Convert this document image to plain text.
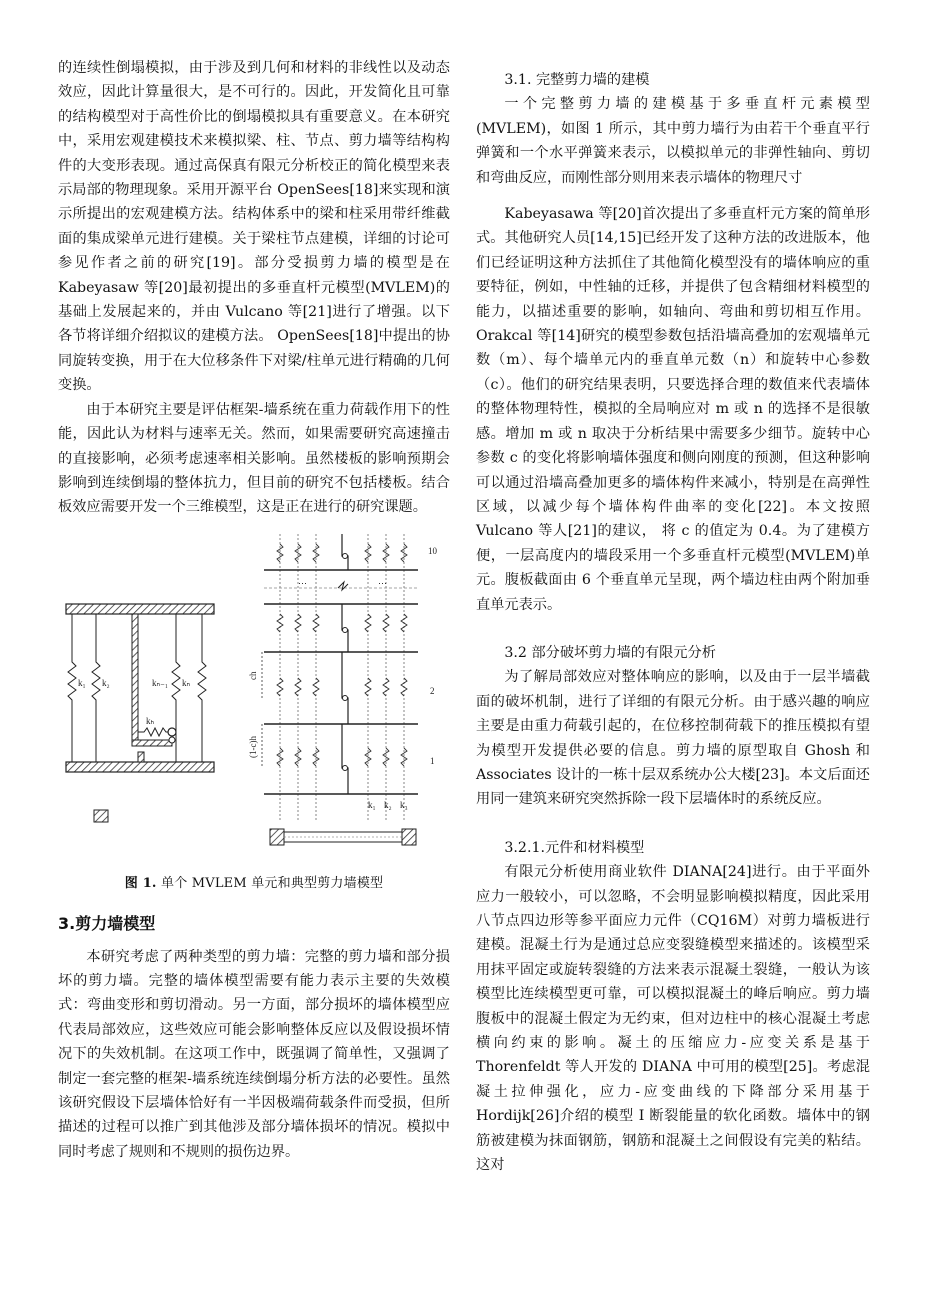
的连续性倒塌模拟，由于涉及到几何和材料的非线性以及动态效应，因此计算量很大，是不可行的。因此，开发简化且可靠的结构模型对于高性价比的倒塌模拟具有重要意义。在本研究中，采用宏观建模技术来模拟梁、柱、节点、剪力墙等结构构件的大变形表现。通过高保真有限元分析校正的简化模型来表示局部的物理现象。采用开源平台 OpenSees[18]来实现和演示所提出的宏观建模方法。结构体系中的梁和柱采用带纤维截面的集成梁单元进行建模。关于梁柱节点建模，详细的讨论可参见作者之前的研究[19]。部分受损剪力墙的模型是在 Kabeyasaw 等[20]最初提出的多垂直杆元模型(MVLEM)的基础上发展起来的，并由 Vulcano 等[21]进行了增强。以下各节将详细介绍拟议的建模方法。 OpenSees[18]中提出的协同旋转变换，用于在大位移条件下对梁/柱单元进行精确的几何变换。

由于本研究主要是评估框架-墙系统在重力荷载作用下的性能，因此认为材料与速率无关。然而，如果需要研究高速撞击的直接影响，必须考虑速率相关影响。虽然楼板的影响预期会影响到连续倒塌的整体抗力，但目前的研究不包括楼板。结合板效应需要开发一个三维模型，这是正在进行的研究课题。

k₁ k₂	kₙ₋₁ kₙ
kₕ
ch
(1-c)h
⋯	⋯
10
2
1
k₁ k₂ k₃
图 1. 单个 MVLEM 单元和典型剪力墙模型
3.剪力墙模型

本研究考虑了两种类型的剪力墙：完整的剪力墙和部分损坏的剪力墙。完整的墙体模型需要有能力表示主要的失效模式：弯曲变形和剪切滑动。另一方面，部分损坏的墙体模型应代表局部效应，这些效应可能会影响整体反应以及假设损坏情况下的失效机制。在这项工作中，既强调了简单性，又强调了制定一套完整的框架-墙系统连续倒塌分析方法的必要性。虽然该研究假设下层墙体恰好有一半因极端荷载条件而受损，但所描述的过程可以推广到其他涉及部分墙体损坏的情况。模拟中同时考虑了规则和不规则的损伤边界。

3.1. 完整剪力墙的建模

一个完整剪力墙的建模基于多垂直杆元素模型(MVLEM)，如图 1 所示，其中剪力墙行为由若干个垂直平行弹簧和一个水平弹簧来表示，以模拟单元的非弹性轴向、剪切和弯曲反应，而刚性部分则用来表示墙体的物理尺寸

Kabeyasawa 等[20]首次提出了多垂直杆元方案的简单形式。其他研究人员[14,15]已经开发了这种方法的改进版本，他们已经证明这种方法抓住了其他简化模型没有的墙体响应的重要特征，例如，中性轴的迁移，并提供了包含精细材料模型的能力，以描述重要的影响，如轴向、弯曲和剪切相互作用。Orakcal 等[14]研究的模型参数包括沿墙高叠加的宏观墙单元数（m）、每个墙单元内的垂直单元数（n）和旋转中心参数（c）。他们的研究结果表明，只要选择合理的数值来代表墙体的整体物理特性，模拟的全局响应对 m 或 n 的选择不是很敏感。增加 m 或 n 取决于分析结果中需要多少细节。旋转中心参数 c 的变化将影响墙体强度和侧向刚度的预测，但这种影响可以通过沿墙高叠加更多的墙体构件来减小，特别是在高弹性区域，以减少每个墙体构件曲率的变化[22]。本文按照 Vulcano 等人[21]的建议， 将 c 的值定为 0.4。为了建模方便，一层高度内的墙段采用一个多垂直杆元模型(MVLEM)单元。腹板截面由 6 个垂直单元呈现，两个墙边柱由两个附加垂直单元表示。

3.2 部分破坏剪力墙的有限元分析

为了解局部效应对整体响应的影响，以及由于一层半墙截面的破坏机制，进行了详细的有限元分析。由于感兴趣的响应主要是由重力荷载引起的，在位移控制荷载下的推压模拟有望为模型开发提供必要的信息。剪力墙的原型取自 Ghosh 和 Associates 设计的一栋十层双系统办公大楼[23]。本文后面还用同一建筑来研究突然拆除一段下层墙体时的系统反应。

3.2.1.元件和材料模型

有限元分析使用商业软件 DIANA[24]进行。由于平面外应力一般较小，可以忽略，不会明显影响模拟精度，因此采用八节点四边形等参平面应力元件（CQ16M）对剪力墙板进行建模。混凝土行为是通过总应变裂缝模型来描述的。该模型采用抹平固定或旋转裂缝的方法来表示混凝土裂缝，一般认为该模型比连续模型更可靠，可以模拟混凝土的峰后响应。剪力墙腹板中的混凝土假定为无约束，但对边柱中的核心混凝土考虑横向约束的影响。凝土的压缩应力-应变关系是基于 Thorenfeldt 等人开发的 DIANA 中可用的模型[25]。考虑混凝土拉伸强化，应力-应变曲线的下降部分采用基于 Hordijk[26]介绍的模型 I 断裂能量的软化函数。墙体中的钢筋被建模为抹面钢筋，钢筋和混凝土之间假设有完美的粘结。这对
